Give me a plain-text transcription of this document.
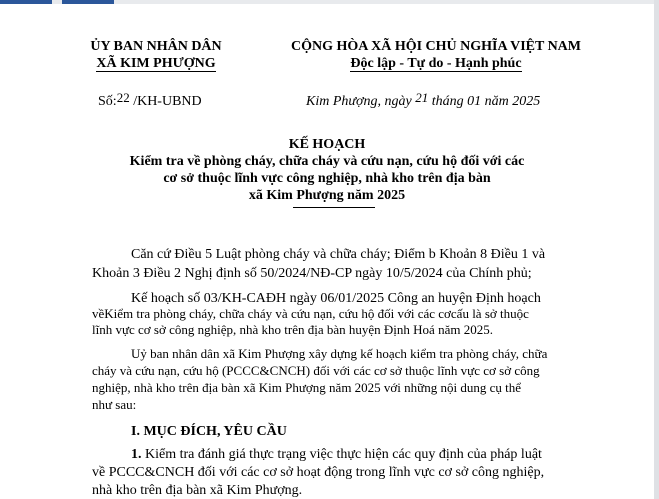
ỦY BAN NHÂN DÂN
XÃ KIM PHƯỢNG
CỘNG HÒA XÃ HỘI CHỦ NGHĨA VIỆT NAM
Độc lập - Tự do - Hạnh phúc
Số:22 /KH-UBND	Kim Phượng, ngày 21 tháng 01 năm 2025
KẾ HOẠCH
Kiểm tra về phòng cháy, chữa cháy và cứu nạn, cứu hộ đối với các
cơ sở thuộc lĩnh vực công nghiệp, nhà kho trên địa bàn
xã Kim Phượng năm 2025
Căn cứ Điều 5 Luật phòng cháy và chữa cháy; Điểm b Khoản 8 Điều 1 và
Khoản 3 Điều 2 Nghị định số 50/2024/NĐ-CP ngày 10/5/2024 của Chính phủ;
Kế hoạch số 03/KH-CAĐH ngày 06/01/2025 Công an huyện Định hoạch
vềKiểm tra phòng cháy, chữa cháy và cứu nạn, cứu hộ đối với các cơcấu là sở thuộc
lĩnh vực cơ sở công nghiệp, nhà kho trên địa bàn huyện Định Hoá năm 2025.
Uỷ ban nhân dân xã Kim Phượng xây dựng kế hoạch kiểm tra phòng cháy, chữa
cháy và cứu nạn, cứu hộ (PCCC&CNCH) đối với các cơ sở thuộc lĩnh vực cơ sở công
nghiệp, nhà kho trên địa bàn xã Kim Phượng năm 2025 với những nội dung cụ thể
như sau:
I. MỤC ĐÍCH, YÊU CẦU
1. Kiểm tra đánh giá thực trạng việc thực hiện các quy định của pháp luật
về PCCC&CNCH đối với các cơ sở hoạt động trong lĩnh vực cơ sở công nghiệp,
nhà kho trên địa bàn xã Kim Phượng.
